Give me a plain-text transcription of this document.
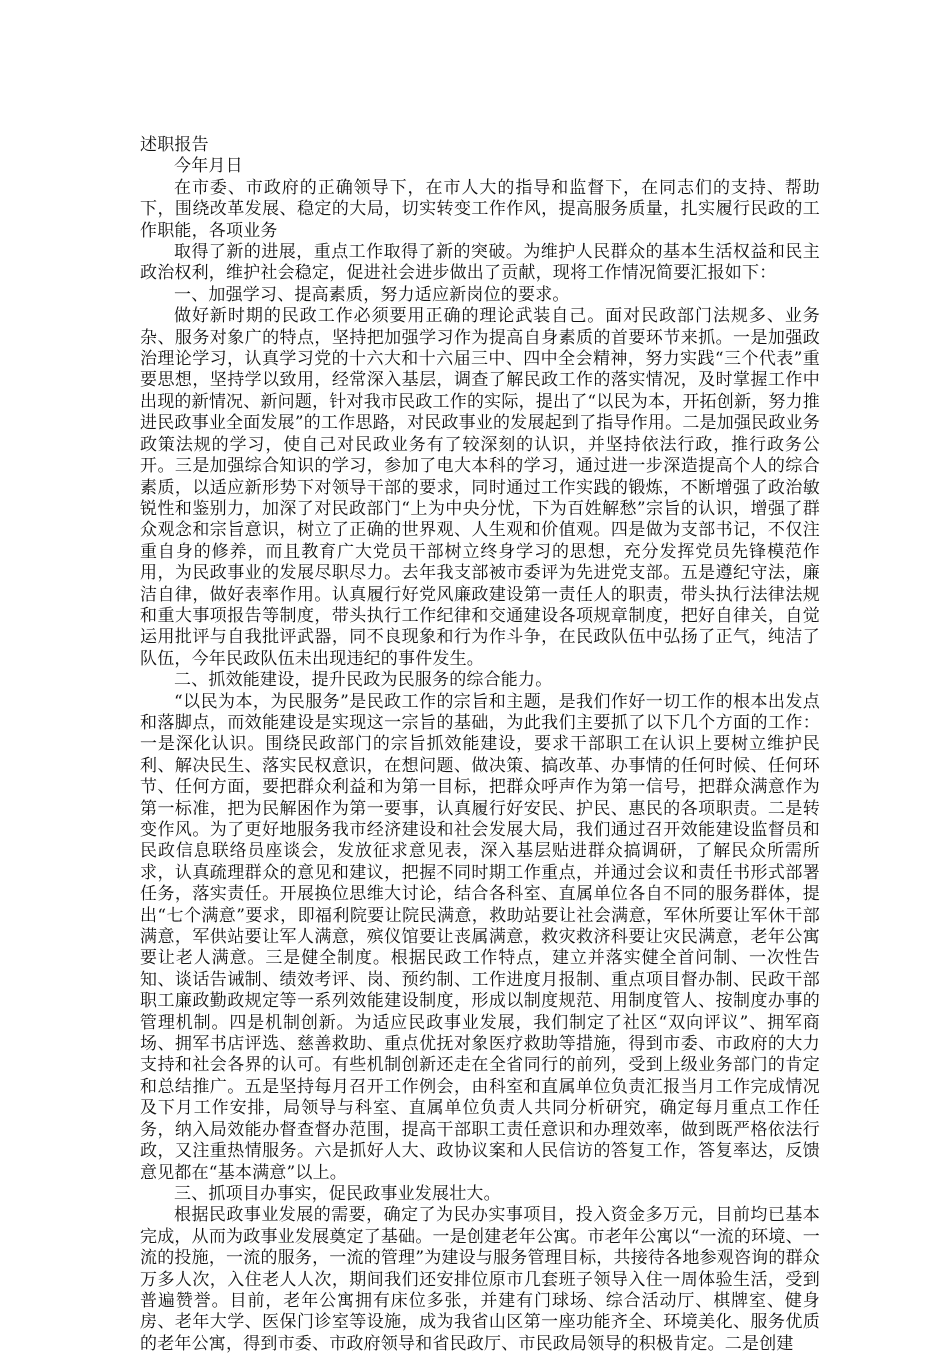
述职报告

今年月日

在市委、市政府的正确领导下，在市人大的指导和监督下，在同志们的支持、帮助下，围绕改革发展、稳定的大局，切实转变工作作风，提高服务质量，扎实履行民政的工作职能，各项业务

取得了新的进展，重点工作取得了新的突破。为维护人民群众的基本生活权益和民主政治权利，维护社会稳定，促进社会进步做出了贡献，现将工作情况简要汇报如下：

一、加强学习、提高素质，努力适应新岗位的要求。

做好新时期的民政工作必须要用正确的理论武装自己。面对民政部门法规多、业务杂、服务对象广的特点，坚持把加强学习作为提高自身素质的首要环节来抓。一是加强政治理论学习，认真学习党的十六大和十六届三中、四中全会精神，努力实践“三个代表”重要思想，坚持学以致用，经常深入基层，调查了解民政工作的落实情况，及时掌握工作中出现的新情况、新问题，针对我市民政工作的实际，提出了“以民为本，开拓创新，努力推进民政事业全面发展”的工作思路，对民政事业的发展起到了指导作用。二是加强民政业务政策法规的学习，使自己对民政业务有了较深刻的认识，并坚持依法行政，推行政务公开。三是加强综合知识的学习，参加了电大本科的学习，通过进一步深造提高个人的综合素质，以适应新形势下对领导干部的要求，同时通过工作实践的锻炼，不断增强了政治敏锐性和鉴别力，加深了对民政部门“上为中央分忧，下为百姓解愁”宗旨的认识，增强了群众观念和宗旨意识，树立了正确的世界观、人生观和价值观。四是做为支部书记，不仅注重自身的修养，而且教育广大党员干部树立终身学习的思想，充分发挥党员先锋模范作用，为民政事业的发展尽职尽力。去年我支部被市委评为先进党支部。五是遵纪守法，廉洁自律，做好表率作用。认真履行好党风廉政建设第一责任人的职责，带头执行法律法规和重大事项报告等制度，带头执行工作纪律和交通建设各项规章制度，把好自律关，自觉运用批评与自我批评武器，同不良现象和行为作斗争，在民政队伍中弘扬了正气，纯洁了队伍，今年民政队伍未出现违纪的事件发生。

二、抓效能建设，提升民政为民服务的综合能力。

“以民为本，为民服务”是民政工作的宗旨和主题，是我们作好一切工作的根本出发点和落脚点，而效能建设是实现这一宗旨的基础，为此我们主要抓了以下几个方面的工作：一是深化认识。围绕民政部门的宗旨抓效能建设，要求干部职工在认识上要树立维护民利、解决民生、落实民权意识，在想问题、做决策、搞改革、办事情的任何时候、任何环节、任何方面，要把群众利益和为第一目标，把群众呼声作为第一信号，把群众满意作为第一标准，把为民解困作为第一要事，认真履行好安民、护民、惠民的各项职责。二是转变作风。为了更好地服务我市经济建设和社会发展大局，我们通过召开效能建设监督员和民政信息联络员座谈会，发放征求意见表，深入基层贴进群众搞调研，了解民众所需所求，认真疏理群众的意见和建议，把握不同时期工作重点，并通过会议和责任书形式部署任务，落实责任。开展换位思维大讨论，结合各科室、直属单位各自不同的服务群体，提出“七个满意”要求，即福利院要让院民满意，救助站要让社会满意，军休所要让军休干部满意，军供站要让军人满意，殡仪馆要让丧属满意，救灾救济科要让灾民满意，老年公寓要让老人满意。三是健全制度。根据民政工作特点，建立并落实健全首问制、一次性告知、谈话告诫制、绩效考评、岗、预约制、工作进度月报制、重点项目督办制、民政干部职工廉政勤政规定等一系列效能建设制度，形成以制度规范、用制度管人、按制度办事的管理机制。四是机制创新。为适应民政事业发展，我们制定了社区“双向评议”、拥军商场、拥军书店评选、慈善救助、重点优抚对象医疗救助等措施，得到市委、市政府的大力支持和社会各界的认可。有些机制创新还走在全省同行的前列，受到上级业务部门的肯定和总结推广。五是坚持每月召开工作例会，由科室和直属单位负责汇报当月工作完成情况及下月工作安排，局领导与科室、直属单位负责人共同分析研究，确定每月重点工作任务，纳入局效能办督查督办范围，提高干部职工责任意识和办理效率，做到既严格依法行政，又注重热情服务。六是抓好人大、政协议案和人民信访的答复工作，答复率达，反馈意见都在“基本满意”以上。

三、抓项目办事实，促民政事业发展壮大。

根据民政事业发展的需要，确定了为民办实事项目，投入资金多万元，目前均已基本完成，从而为政事业发展奠定了基础。一是创建老年公寓。市老年公寓以“一流的环境、一流的投施，一流的服务，一流的管理”为建设与服务管理目标，共接待各地参观咨询的群众万多人次，入住老人人次，期间我们还安排位原市几套班子领导入住一周体验生活，受到普遍赞誉。目前，老年公寓拥有床位多张，并建有门球场、综合活动厅、棋牌室、健身房、老年大学、医保门诊室等设施，成为我省山区第一座功能齐全、环境美化、服务优质的老年公寓，得到市委、市政府领导和省民政厅、市民政局领导的积极肯定。二是创建
